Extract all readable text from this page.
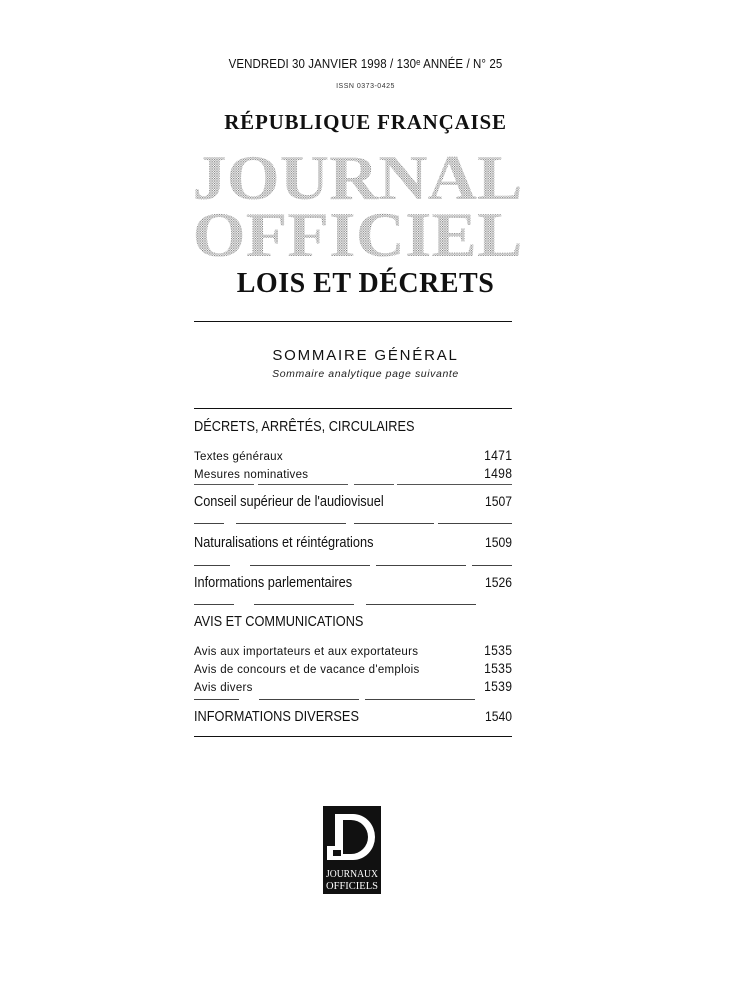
VENDREDI 30 JANVIER 1998 / 130ᵉ ANNÉE / N° 25
ISSN 0373-0425
RÉPUBLIQUE FRANÇAISE
JOURNAL
OFFICIEL
LOIS ET DÉCRETS
SOMMAIRE GÉNÉRAL
Sommaire analytique page suivante
DÉCRETS, ARRÊTÉS, CIRCULAIRES
Textes généraux	1471
Mesures nominatives	1498
Conseil supérieur de l'audiovisuel	1507
Naturalisations et réintégrations	1509
Informations parlementaires	1526
AVIS ET COMMUNICATIONS
Avis aux importateurs et aux exportateurs	1535
Avis de concours et de vacance d'emplois	1535
Avis divers	1539
INFORMATIONS DIVERSES	1540
JOURNAUX
OFFICIELS
